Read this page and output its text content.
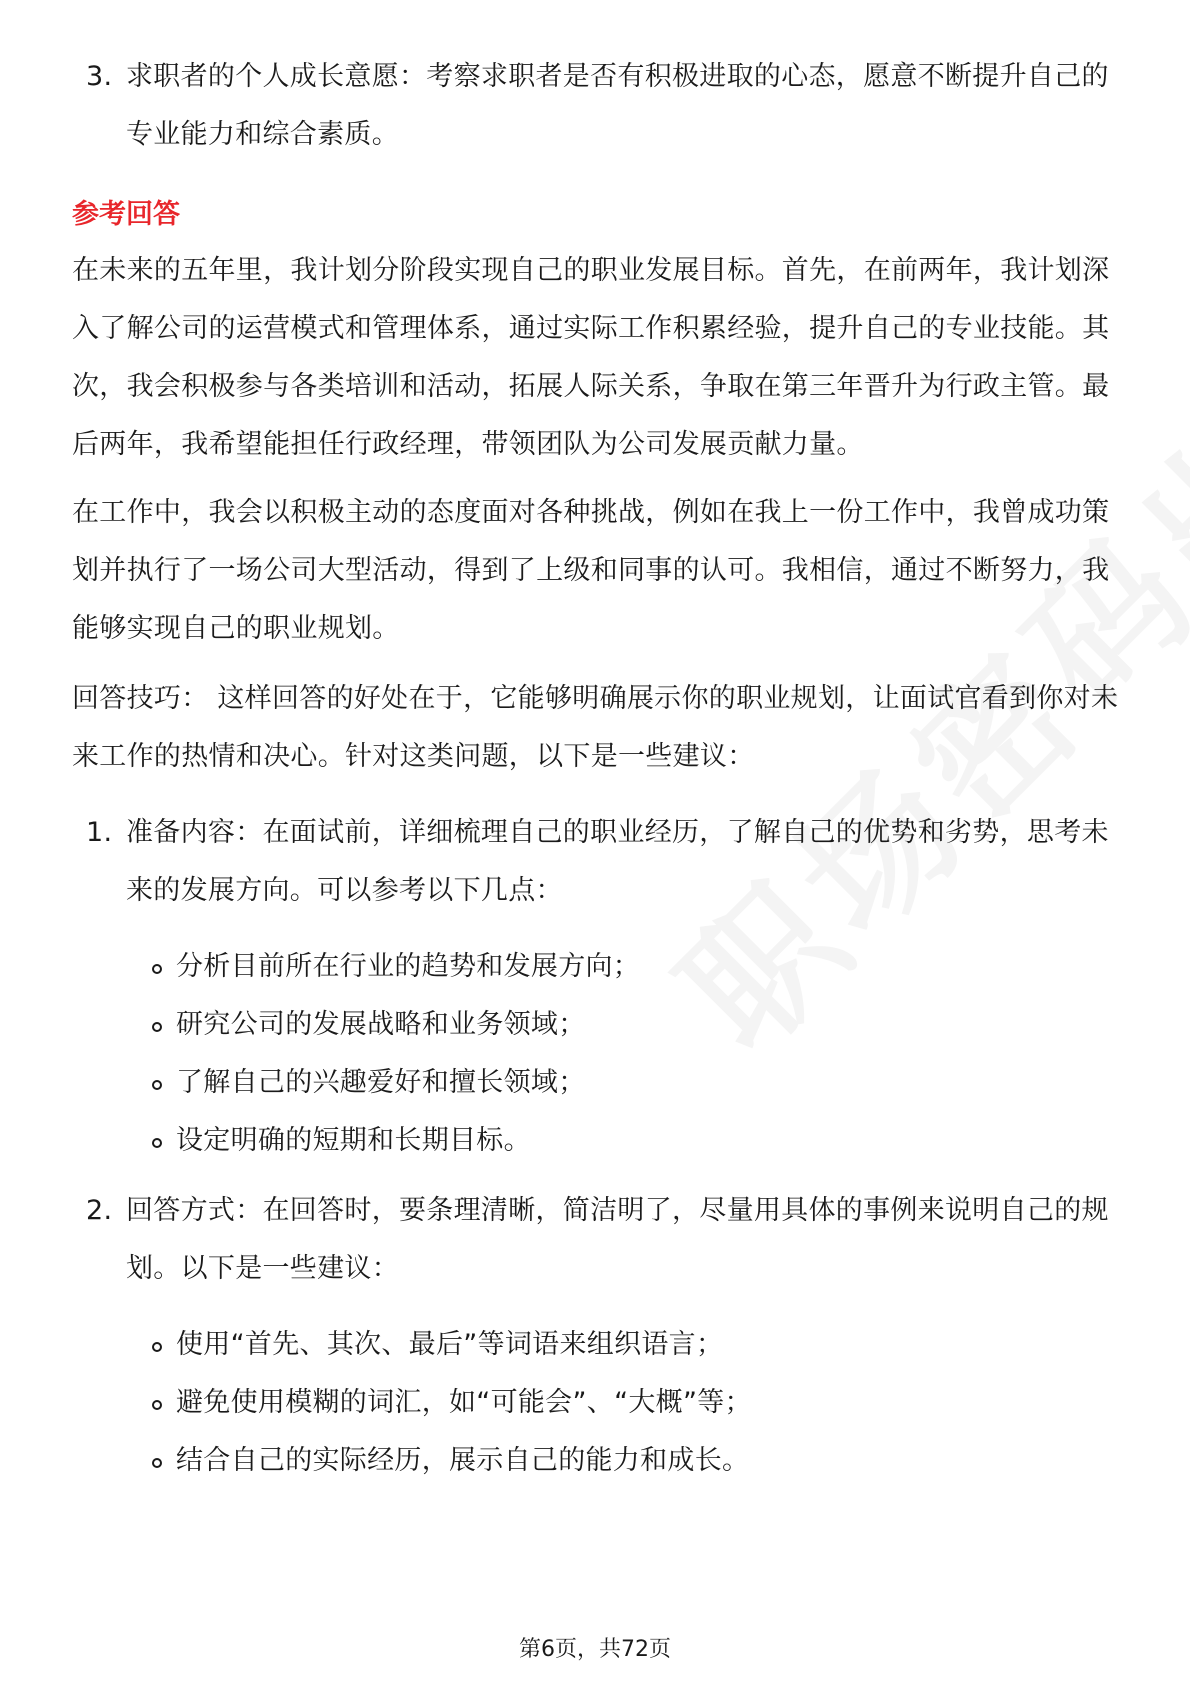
3. 求职者的个人成长意愿：考察求职者是否有积极进取的心态，愿意不断提升自己的专业能力和综合素质。
参考回答
在未来的五年里，我计划分阶段实现自己的职业发展目标。首先，在前两年，我计划深入了解公司的运营模式和管理体系，通过实际工作积累经验，提升自己的专业技能。其次，我会积极参与各类培训和活动，拓展人际关系，争取在第三年晋升为行政主管。最后两年，我希望能担任行政经理，带领团队为公司发展贡献力量。
在工作中，我会以积极主动的态度面对各种挑战，例如在我上一份工作中，我曾成功策划并执行了一场公司大型活动，得到了上级和同事的认可。我相信，通过不断努力，我能够实现自己的职业规划。
回答技巧： 这样回答的好处在于，它能够明确展示你的职业规划，让面试官看到你对未来工作的热情和决心。针对这类问题，以下是一些建议：
1. 准备内容：在面试前，详细梳理自己的职业经历，了解自己的优势和劣势，思考未来的发展方向。可以参考以下几点：
分析目前所在行业的趋势和发展方向；
研究公司的发展战略和业务领域；
了解自己的兴趣爱好和擅长领域；
设定明确的短期和长期目标。
2. 回答方式：在回答时，要条理清晰，简洁明了，尽量用具体的事例来说明自己的规划。以下是一些建议：
使用“首先、其次、最后”等词语来组织语言；
避免使用模糊的词汇，如“可能会”、“大概”等；
结合自己的实际经历，展示自己的能力和成长。
第6页，共72页
